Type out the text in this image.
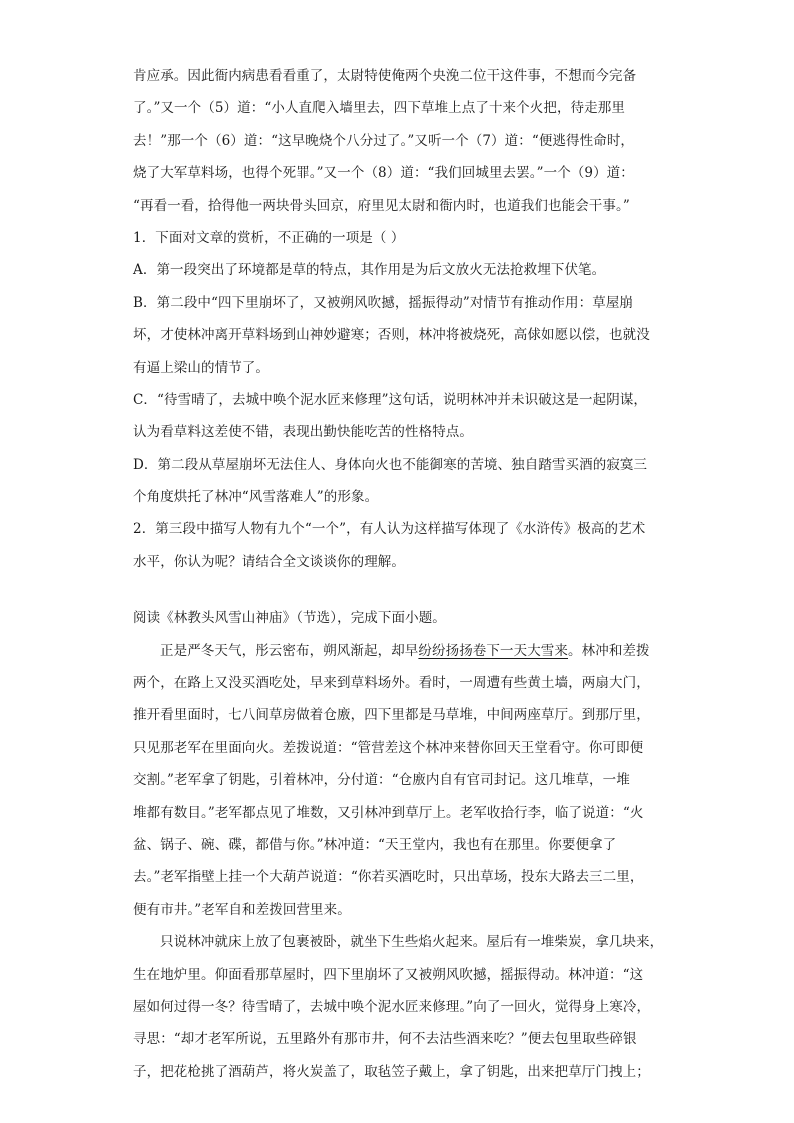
肯应承。因此衙内病患看看重了，太尉特使俺两个央浼二位干这件事，不想而今完备
了。”又一个（5）道：“小人直爬入墙里去，四下草堆上点了十来个火把，待走那里
去！”那一个（6）道：“这早晚烧个八分过了。”又听一个（7）道：“便逃得性命时，
烧了大军草料场，也得个死罪。”又一个（8）道：“我们回城里去罢。”一个（9）道：
“再看一看，拾得他一两块骨头回京，府里见太尉和衙内时，也道我们也能会干事。”
1．下面对文章的赏析，不正确的一项是（ ）
A．第一段突出了环境都是草的特点，其作用是为后文放火无法抢救埋下伏笔。
B．第二段中“四下里崩坏了，又被朔风吹撼，摇振得动”对情节有推动作用：草屋崩
坏，才使林冲离开草料场到山神妙避寒；否则，林冲将被烧死，高俅如愿以偿，也就没
有逼上梁山的情节了。
C．“待雪晴了，去城中唤个泥水匠来修理”这句话，说明林冲并未识破这是一起阴谋，
认为看草料这差使不错，表现出勤快能吃苦的性格特点。
D．第二段从草屋崩坏无法住人、身体向火也不能御寒的苦境、独自踏雪买酒的寂寞三
个角度烘托了林冲“风雪落难人”的形象。
2．第三段中描写人物有九个“一个”，有人认为这样描写体现了《水浒传》极高的艺术
水平，你认为呢？请结合全文谈谈你的理解。
阅读《林教头风雪山神庙》（节选），完成下面小题。
正是严冬天气，彤云密布，朔风渐起，却早纷纷扬扬卷下一天大雪来。林冲和差拨
两个，在路上又没买酒吃处，早来到草料场外。看时，一周遭有些黄土墙，两扇大门，
推开看里面时，七八间草房做着仓廒，四下里都是马草堆，中间两座草厅。到那厅里，
只见那老军在里面向火。差拨说道：“管营差这个林冲来替你回天王堂看守。你可即便
交割。”老军拿了钥匙，引着林冲，分付道：“仓廒内自有官司封记。这几堆草，一堆
堆都有数目。”老军都点见了堆数，又引林冲到草厅上。老军收拾行李，临了说道：“火
盆、锅子、碗、碟，都借与你。”林冲道：“天王堂内，我也有在那里。你要便拿了
去。”老军指壁上挂一个大葫芦说道：“你若买酒吃时，只出草场，投东大路去三二里，
便有市井。”老军自和差拨回营里来。
只说林冲就床上放了包裹被卧，就坐下生些焰火起来。屋后有一堆柴炭，拿几块来，
生在地炉里。仰面看那草屋时，四下里崩坏了又被朔风吹撼，摇振得动。林冲道：“这
屋如何过得一冬？待雪晴了，去城中唤个泥水匠来修理。”向了一回火，觉得身上寒冷，
寻思：“却才老军所说，五里路外有那市井，何不去沽些酒来吃？”便去包里取些碎银
子，把花枪挑了酒葫芦，将火炭盖了，取毡笠子戴上，拿了钥匙，出来把草厅门拽上；
